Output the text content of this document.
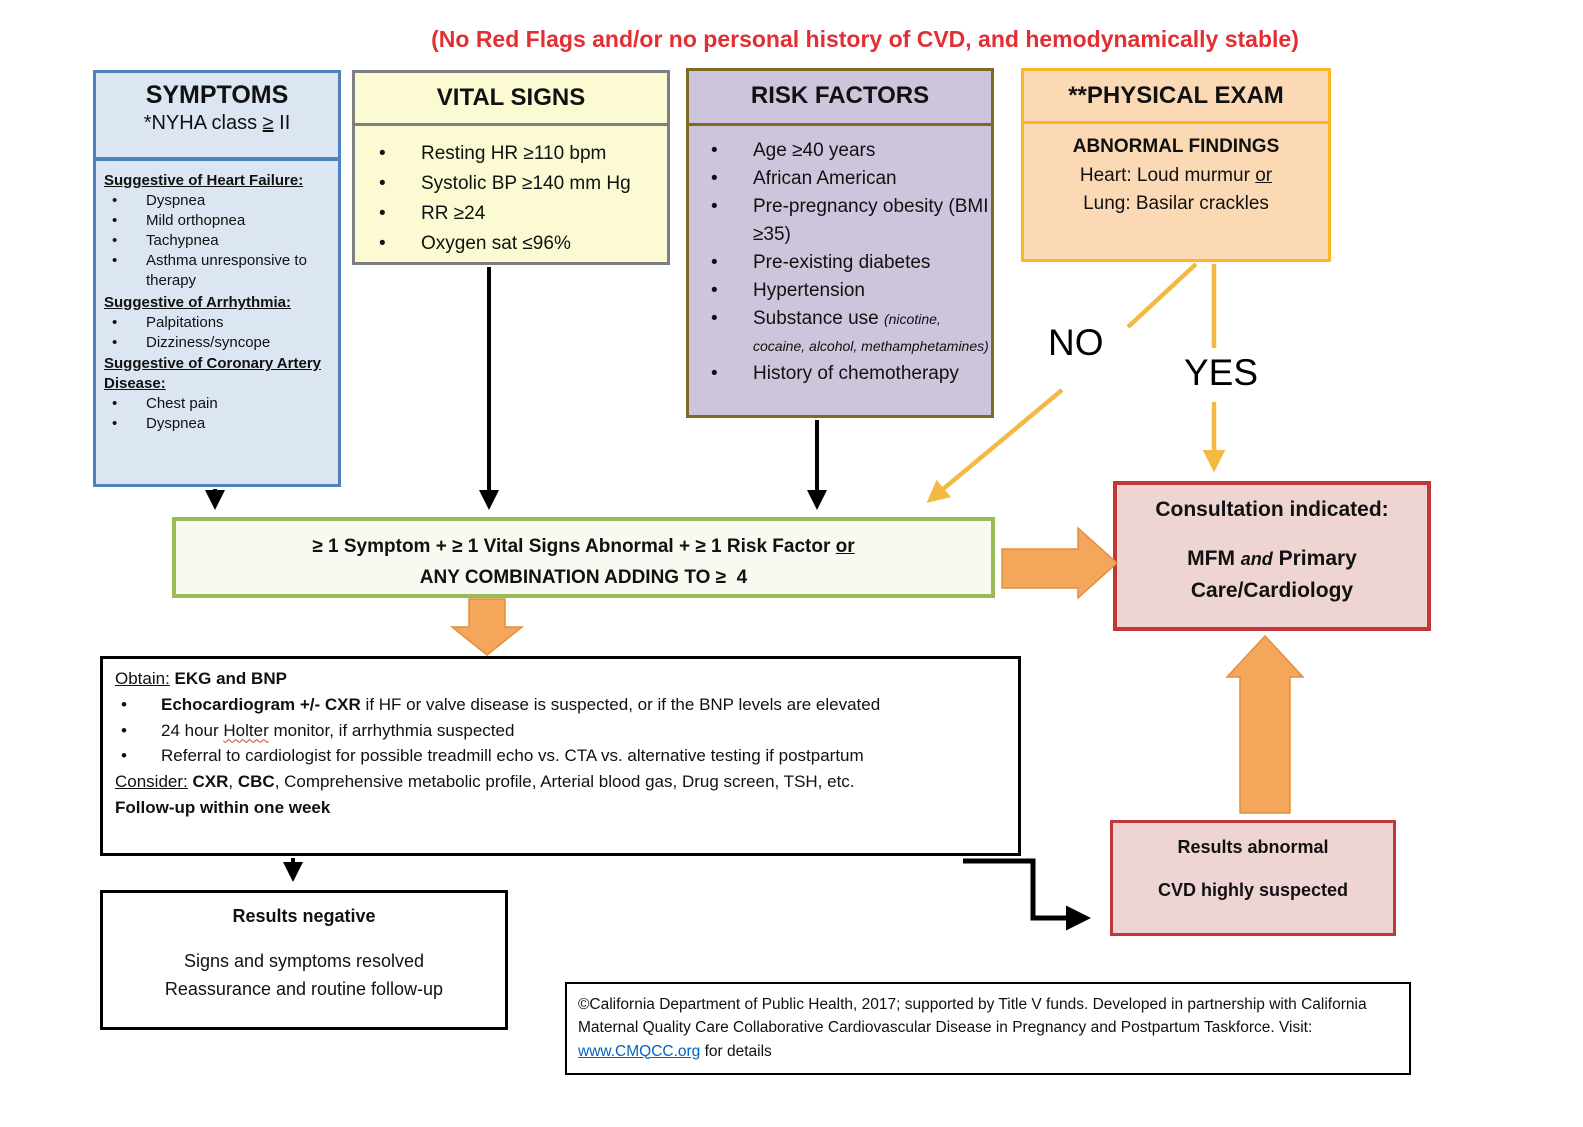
(No Red Flags and/or no personal history of CVD, and hemodynamically stable)
SYMPTOMS
*NYHA class ≥ II
Suggestive of Heart Failure:
• Dyspnea
• Mild orthopnea
• Tachypnea
• Asthma unresponsive to therapy
Suggestive of Arrhythmia:
• Palpitations
• Dizziness/syncope
Suggestive of Coronary Artery Disease:
• Chest pain
• Dyspnea
VITAL SIGNS
• Resting HR ≥110 bpm
• Systolic BP ≥140 mm Hg
• RR ≥24
• Oxygen sat ≤96%
RISK FACTORS
• Age ≥40 years
• African American
• Pre-pregnancy obesity (BMI ≥35)
• Pre-existing diabetes
• Hypertension
• Substance use (nicotine, cocaine, alcohol, methamphetamines)
• History of chemotherapy
**PHYSICAL EXAM
ABNORMAL FINDINGS
Heart: Loud murmur or
Lung: Basilar crackles
NO
YES
≥ 1 Symptom + ≥ 1 Vital Signs Abnormal + ≥ 1 Risk Factor or
ANY COMBINATION ADDING TO ≥  4
Consultation indicated:
MFM and Primary Care/Cardiology
Obtain: EKG and BNP
• Echocardiogram +/- CXR if HF or valve disease is suspected, or if the BNP levels are elevated
• 24 hour Holter monitor, if arrhythmia suspected
• Referral to cardiologist for possible treadmill echo vs. CTA vs. alternative testing if postpartum
Consider: CXR, CBC, Comprehensive metabolic profile, Arterial blood gas, Drug screen, TSH, etc.
Follow-up within one week
Results negative
Signs and symptoms resolved
Reassurance and routine follow-up
Results abnormal
CVD highly suspected
©California Department of Public Health, 2017; supported by Title V funds. Developed in partnership with California Maternal Quality Care Collaborative Cardiovascular Disease in Pregnancy and Postpartum Taskforce. Visit: www.CMQCC.org for details
